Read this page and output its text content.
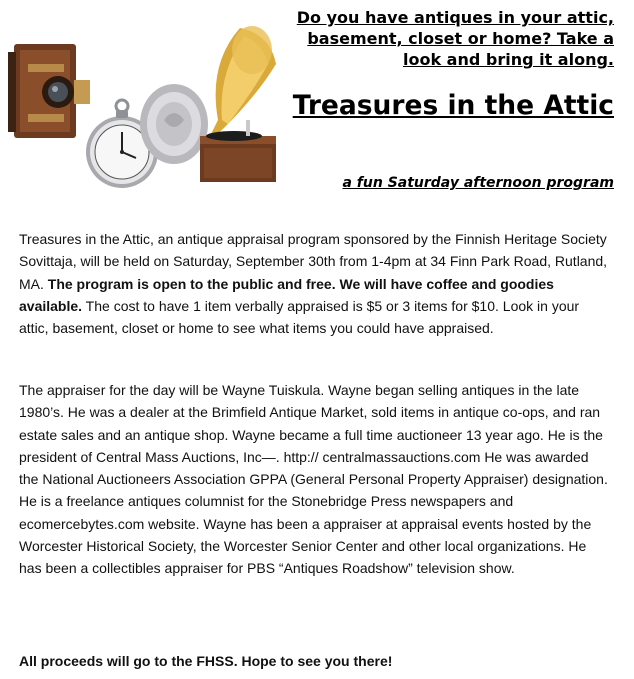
Do you have antiques in your attic, basement, closet or home? Take a look and bring it along.
Treasures in the Attic
a fun Saturday afternoon program

Treasures in the Attic, an antique appraisal program sponsored by the Finnish Heritage Society Sovittaja, will be held on Saturday, September 30th from 1-4pm at 34 Finn Park Road, Rutland, MA. The program is open to the public and free. We will have coffee and goodies available. The cost to have 1 item verbally appraised is $5 or 3 items for $10. Look in your attic, basement, closet or home to see what items you could have appraised.

The appraiser for the day will be Wayne Tuiskula. Wayne began selling antiques in the late 1980’s. He was a dealer at the Brimfield Antique Market, sold items in antique co-ops, and ran estate sales and an antique shop. Wayne became a full time auctioneer 13 year ago. He is the president of Central Mass Auctions, Inc—. http:// centralmassauctions.com He was awarded the National Auctioneers Association GPPA (General Personal Property Appraiser) designation. He is a freelance antiques columnist for the Stonebridge Press newspapers and ecomercebytes.com website. Wayne has been a appraiser at appraisal events hosted by the Worcester Historical Society, the Worcester Senior Center and other local organizations. He has been a collectibles appraiser for PBS “Antiques Roadshow” television show.

All proceeds will go to the FHSS. Hope to see you there!
